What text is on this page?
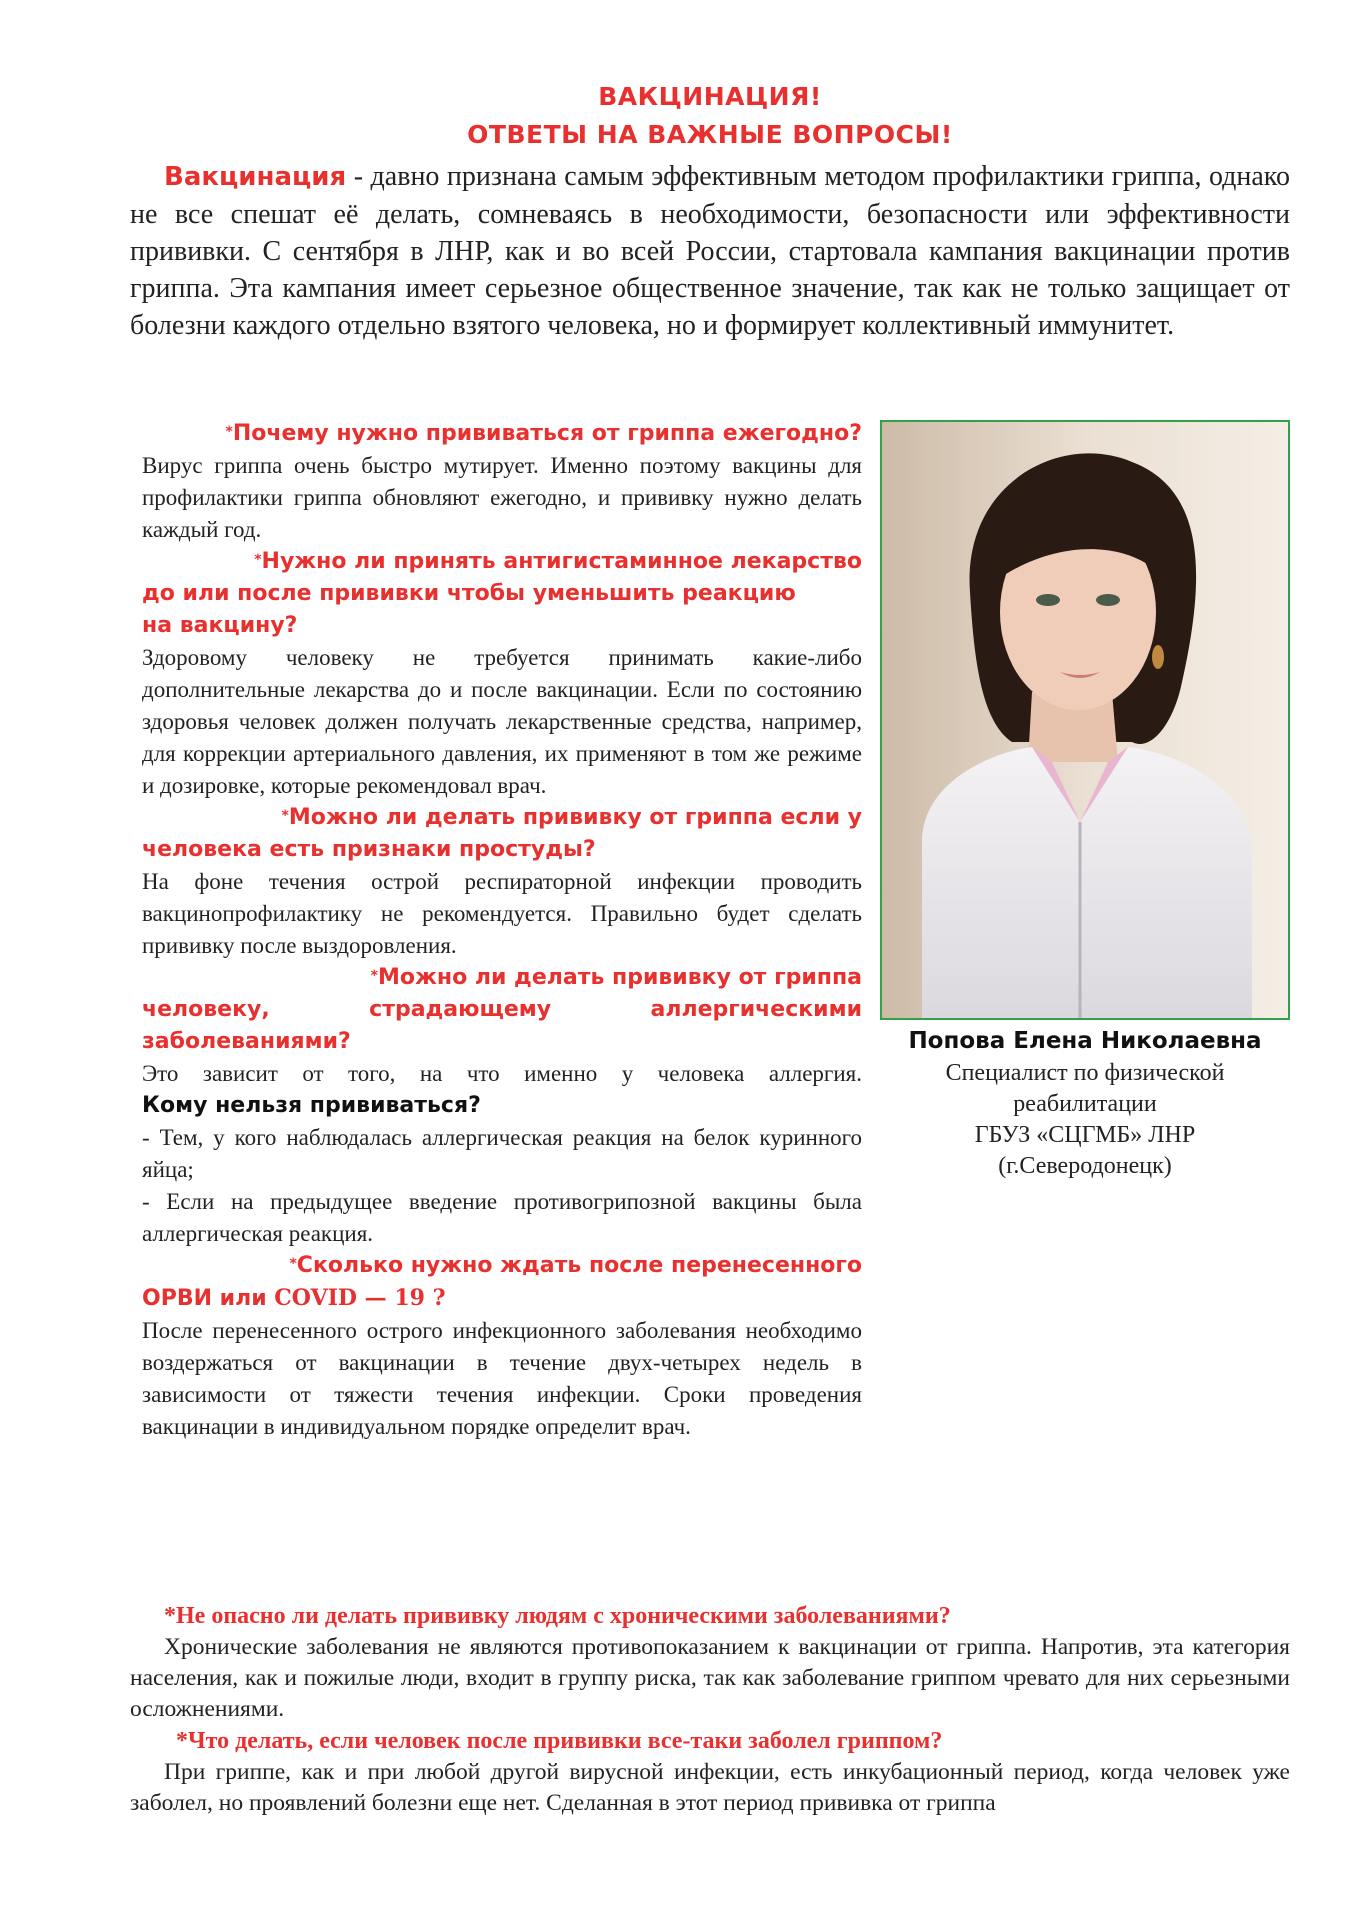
ВАКЦИНАЦИЯ!
ОТВЕТЫ НА ВАЖНЫЕ ВОПРОСЫ!

Вакцинация - давно признана самым эффективным методом профилактики гриппа, однако не все спешат её делать, сомневаясь в необходимости, безопасности или эффективности прививки. С сентября в ЛНР, как и во всей России, стартовала кампания вакцинации против гриппа. Эта кампания имеет серьезное общественное значение, так как не только защищает от болезни каждого отдельно взятого человека, но и формирует коллективный иммунитет.

*Почему нужно прививаться от гриппа ежегодно?

Вирус гриппа очень быстро мутирует. Именно поэтому вакцины для профилактики гриппа обновляют ежегодно, и прививку нужно делать каждый год.

*Нужно ли принять антигистаминное лекарство

до или после прививки чтобы уменьшить реакцию

на вакцину?

Здоровому человеку не требуется принимать какие-либо дополнительные лекарства до и после вакцинации. Если по состоянию здоровья человек должен получать лекарственные средства, например, для коррекции артериального давления, их применяют в том же режиме и дозировке, которые рекомендовал врач.

*Можно ли делать прививку от гриппа если у

человека есть признаки простуды?

На фоне течения острой респираторной инфекции проводить вакцинопрофилактику не рекомендуется. Правильно будет сделать прививку после выздоровления.

*Можно ли делать прививку от гриппа

человеку, страдающему аллергическими

заболеваниями?

Это зависит от того, на что именно у человека аллергия.

Кому нельзя прививаться?

- Тем, у кого наблюдалась аллергическая реакция на белок куринного яйца;

- Если на предыдущее введение противогрипозной вакцины была аллергическая реакция.

*Сколько нужно ждать после перенесенного

ОРВИ или COVID — 19 ?

После перенесенного острого инфекционного заболевания необходимо воздержаться от вакцинации в течение двух-четырех недель в зависимости от тяжести течения инфекции. Сроки проведения вакцинации в индивидуальном порядке определит врач.

Попова Елена Николаевна

Специалист по физической

реабилитации

ГБУЗ «СЦГМБ» ЛНР

(г.Северодонецк)

*Не опасно ли делать прививку людям с хроническими заболеваниями?

Хронические заболевания не являются противопоказанием к вакцинации от гриппа. Напротив, эта категория населения, как и пожилые люди, входит в группу риска, так как заболевание гриппом чревато для них серьезными осложнениями.

*Что делать, если человек после прививки все-таки заболел гриппом?

При гриппе, как и при любой другой вирусной инфекции, есть инкубационный период, когда человек уже заболел, но проявлений болезни еще нет. Сделанная в этот период прививка от гриппа
